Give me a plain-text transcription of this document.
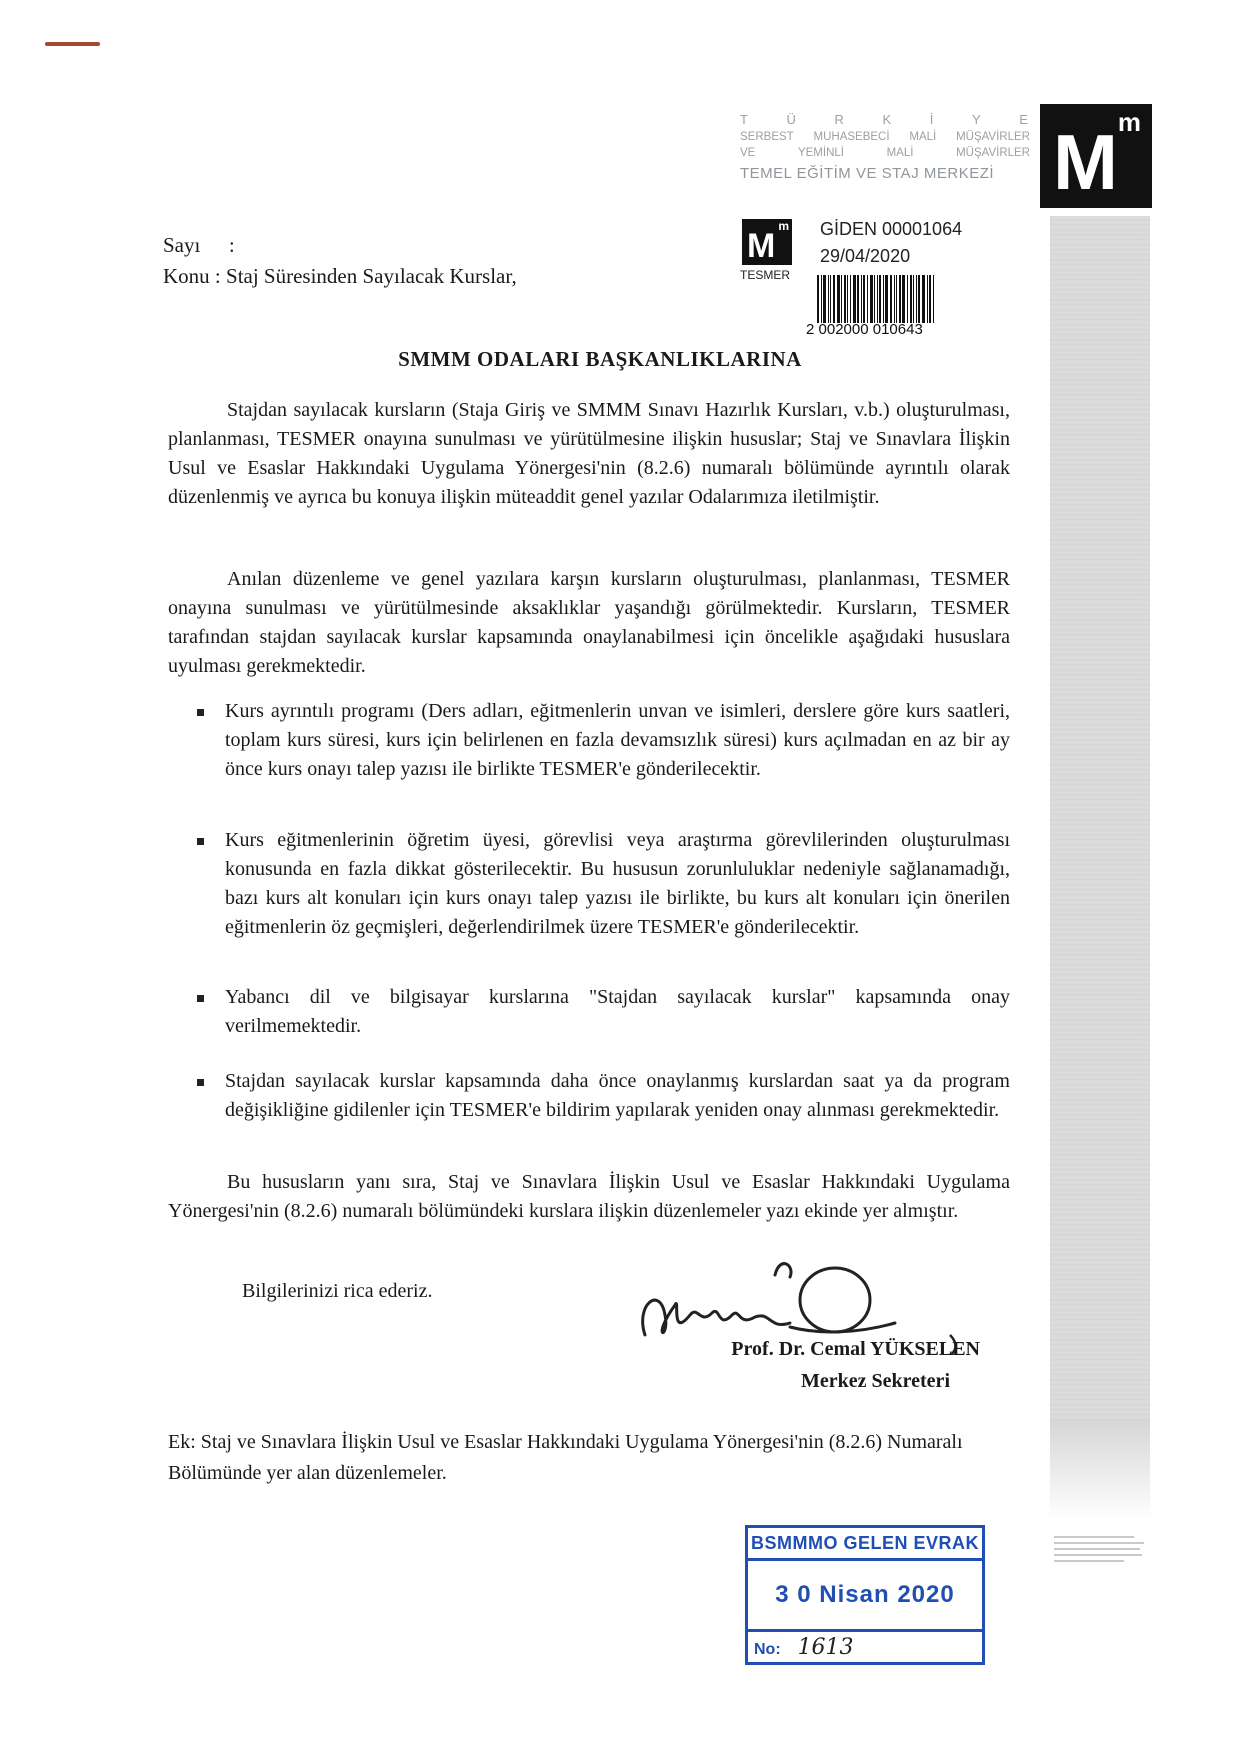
T	Ü	R	K	İ	Y	E
SERBEST MUHASEBECİ MALİ MÜŞAVİRLER
VE	YEMİNLİ	MALİ	MÜŞAVİRLER
TEMEL EĞİTİM VE STAJ MERKEZİ M m
Sayı :
Konu : Staj Süresinden Sayılacak Kurslar,
M
m
TESMER
GİDEN 00001064
29/04/2020
2 002000 010643
SMMM ODALARI BAŞKANLIKLARINA
Stajdan sayılacak kursların (Staja Giriş ve SMMM Sınavı Hazırlık Kursları, v.b.) oluşturulması, planlanması, TESMER onayına sunulması ve yürütülmesine ilişkin hususlar; Staj ve Sınavlara İlişkin Usul ve Esaslar Hakkındaki Uygulama Yönergesi'nin (8.2.6) numaralı bölümünde ayrıntılı olarak düzenlenmiş ve ayrıca bu konuya ilişkin müteaddit genel yazılar Odalarımıza iletilmiştir.
Anılan düzenleme ve genel yazılara karşın kursların oluşturulması, planlanması, TESMER onayına sunulması ve yürütülmesinde aksaklıklar yaşandığı görülmektedir. Kursların, TESMER tarafından stajdan sayılacak kurslar kapsamında onaylanabilmesi için öncelikle aşağıdaki hususlara uyulması gerekmektedir.
Kurs ayrıntılı programı (Ders adları, eğitmenlerin unvan ve isimleri, derslere göre kurs saatleri, toplam kurs süresi, kurs için belirlenen en fazla devamsızlık süresi) kurs açılmadan en az bir ay önce kurs onayı talep yazısı ile birlikte TESMER'e gönderilecektir.
Kurs eğitmenlerinin öğretim üyesi, görevlisi veya araştırma görevlilerinden oluşturulması konusunda en fazla dikkat gösterilecektir. Bu hususun zorunluluklar nedeniyle sağlanamadığı, bazı kurs alt konuları için kurs onayı talep yazısı ile birlikte, bu kurs alt konuları için önerilen eğitmenlerin öz geçmişleri, değerlendirilmek üzere TESMER'e gönderilecektir.
Yabancı dil ve bilgisayar kurslarına "Stajdan sayılacak kurslar" kapsamında onay verilmemektedir.
Stajdan sayılacak kurslar kapsamında daha önce onaylanmış kurslardan saat ya da program değişikliğine gidilenler için TESMER'e bildirim yapılarak yeniden onay alınması gerekmektedir.
Bu hususların yanı sıra, Staj ve Sınavlara İlişkin Usul ve Esaslar Hakkındaki Uygulama Yönergesi'nin (8.2.6) numaralı bölümündeki kurslara ilişkin düzenlemeler yazı ekinde yer almıştır.
Bilgilerinizi rica ederiz.
Prof. Dr. Cemal YÜKSELEN
Merkez Sekreteri
Ek: Staj ve Sınavlara İlişkin Usul ve Esaslar Hakkındaki Uygulama Yönergesi'nin (8.2.6) Numaralı Bölümünde yer alan düzenlemeler.
BSMMMO GELEN EVRAK
3 0 Nisan 2020
No: 1613
